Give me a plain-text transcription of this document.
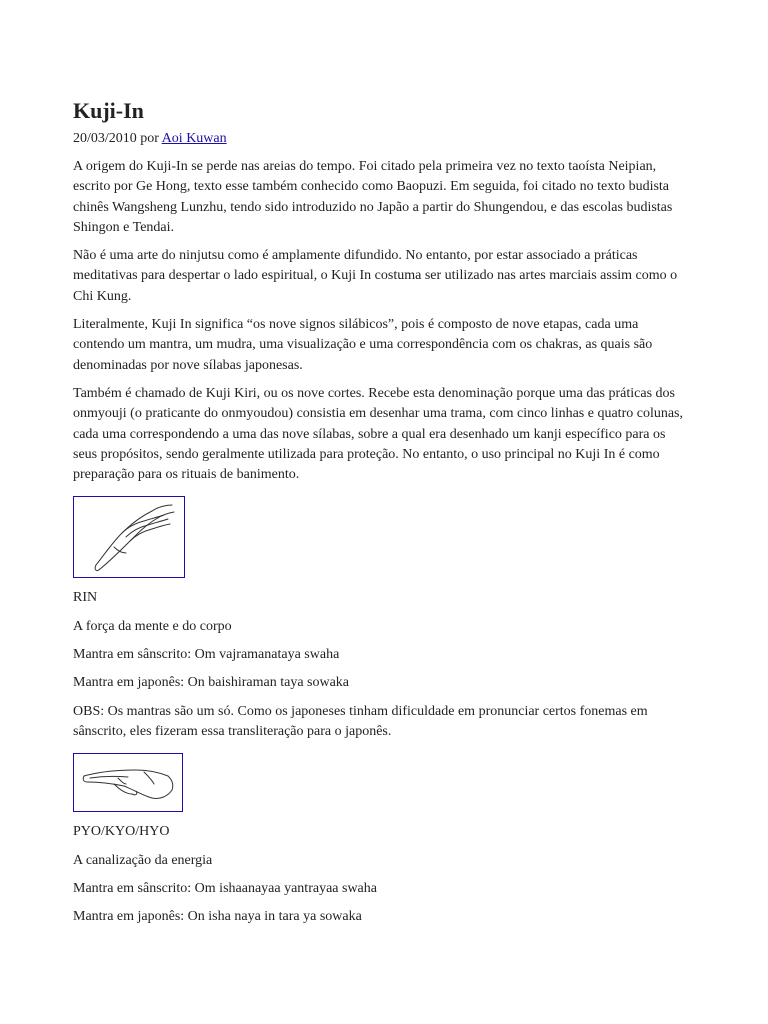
Kuji-In
20/03/2010 por Aoi Kuwan

A origem do Kuji-In se perde nas areias do tempo. Foi citado pela primeira vez no texto taoísta Neipian, escrito por Ge Hong, texto esse também conhecido como Baopuzi. Em seguida, foi citado no texto budista chinês Wangsheng Lunzhu, tendo sido introduzido no Japão a partir do Shungendou, e das escolas budistas Shingon e Tendai.

Não é uma arte do ninjutsu como é amplamente difundido. No entanto, por estar associado a práticas meditativas para despertar o lado espiritual, o Kuji In costuma ser utilizado nas artes marciais assim como o Chi Kung.

Literalmente, Kuji In significa “os nove signos silábicos”, pois é composto de nove etapas, cada uma contendo um mantra, um mudra, uma visualização e uma correspondência com os chakras, as quais são denominadas por nove sílabas japonesas.

Também é chamado de Kuji Kiri, ou os nove cortes. Recebe esta denominação porque uma das práticas dos onmyouji (o praticante do onmyoudou) consistia em desenhar uma trama, com cinco linhas e quatro colunas, cada uma correspondendo a uma das nove sílabas, sobre a qual era desenhado um kanji específico para os seus propósitos, sendo geralmente utilizada para proteção. No entanto, o uso principal no Kuji In é como preparação para os rituais de banimento.

RIN

A força da mente e do corpo

Mantra em sânscrito: Om vajramanataya swaha

Mantra em japonês: On baishiraman taya sowaka

OBS: Os mantras são um só. Como os japoneses tinham dificuldade em pronunciar certos fonemas em sânscrito, eles fizeram essa transliteração para o japonês.

PYO/KYO/HYO

A canalização da energia

Mantra em sânscrito: Om ishaanayaa yantrayaa swaha

Mantra em japonês: On isha naya in tara ya sowaka
